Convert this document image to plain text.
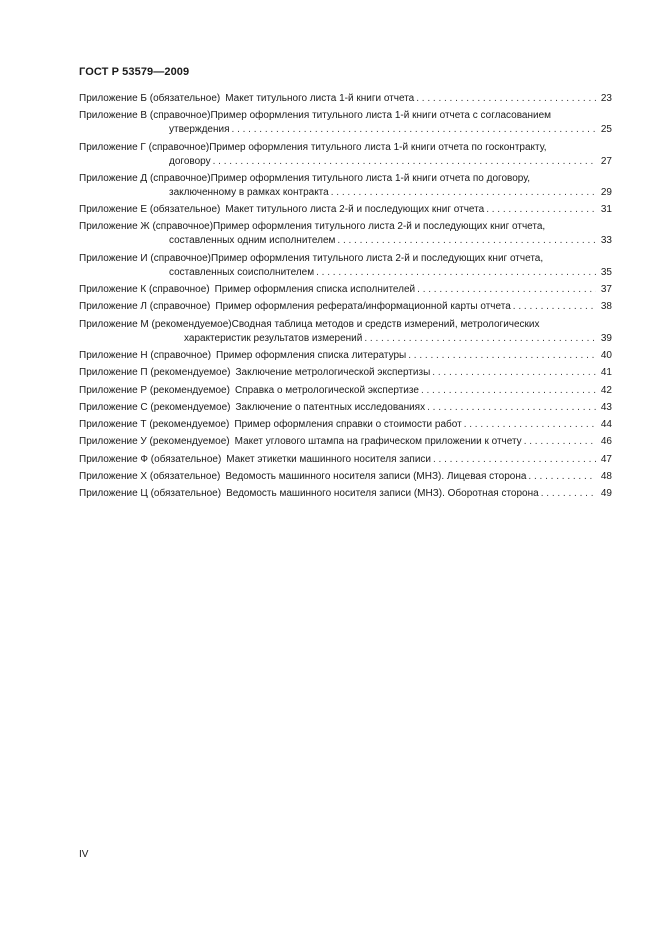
ГОСТ Р 53579—2009
Приложение Б (обязательное) Макет титульного листа 1-й книги отчета . . .	23
Приложение В (справочное)Пример оформления титульного листа 1-й книги отчета с согласованием
утверждения . . .	25
Приложение Г (справочное)Пример оформления титульного листа 1-й книги отчета по госконтракту,
договору . . .	27
Приложение Д (справочное)Пример оформления титульного листа 1-й книги отчета по договору,
заключенному в рамках контракта . . .	29
Приложение Е (обязательное) Макет титульного листа 2-й и последующих книг отчета . . .	31
Приложение Ж (справочное)Пример оформления титульного листа 2-й и последующих книг отчета,
составленных одним исполнителем . . .	33
Приложение И (справочное)Пример оформления титульного листа 2-й и последующих книг отчета,
составленных соисполнителем . . .	35
Приложение К (справочное) Пример оформления списка исполнителей . . .	37
Приложение Л (справочное) Пример оформления реферата/информационной карты отчета . . .	38
Приложение М (рекомендуемое)Сводная таблица методов и средств измерений, метрологических
характеристик результатов измерений . . .	39
Приложение Н (справочное) Пример оформления списка литературы . . .	40
Приложение П (рекомендуемое) Заключение метрологической экспертизы . . .	41
Приложение Р (рекомендуемое) Справка о метрологической экспертизе . . .	42
Приложение С (рекомендуемое) Заключение о патентных исследованиях . . .	43
Приложение Т (рекомендуемое) Пример оформления справки о стоимости работ . . .	44
Приложение У (рекомендуемое) Макет углового штампа на графическом приложении к отчету . . .	46
Приложение Ф (обязательное) Макет этикетки машинного носителя записи . . .	47
Приложение Х (обязательное) Ведомость машинного носителя записи (МНЗ). Лицевая сторона . . .	48
Приложение Ц (обязательное) Ведомость машинного носителя записи (МНЗ). Оборотная сторона . . .	49
IV
